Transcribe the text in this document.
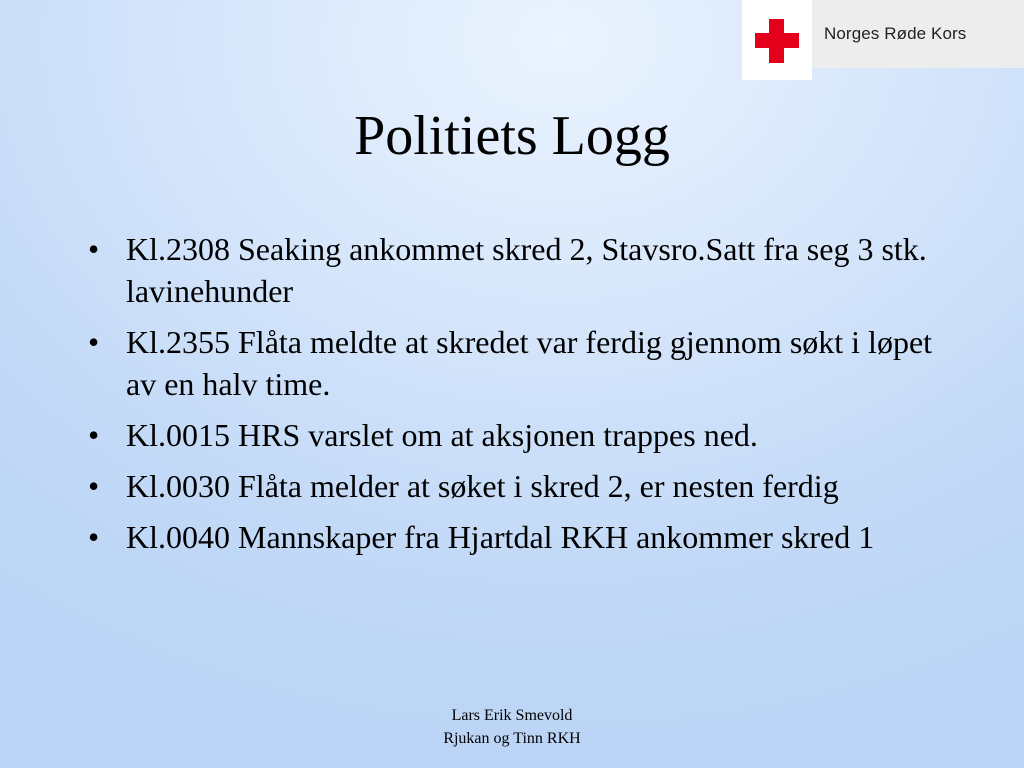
Norges Røde Kors
Politiets Logg
• Kl.2308 Seaking ankommet skred 2, Stavsro.Satt fra seg 3 stk. lavinehunder
• Kl.2355 Flåta meldte at skredet var ferdig gjennom søkt i løpet av en halv time.
• Kl.0015 HRS varslet om at aksjonen trappes ned.
• Kl.0030 Flåta melder at søket i skred 2, er nesten ferdig
• Kl.0040 Mannskaper fra Hjartdal RKH ankommer skred 1
Lars Erik Smevold
Rjukan og Tinn RKH
